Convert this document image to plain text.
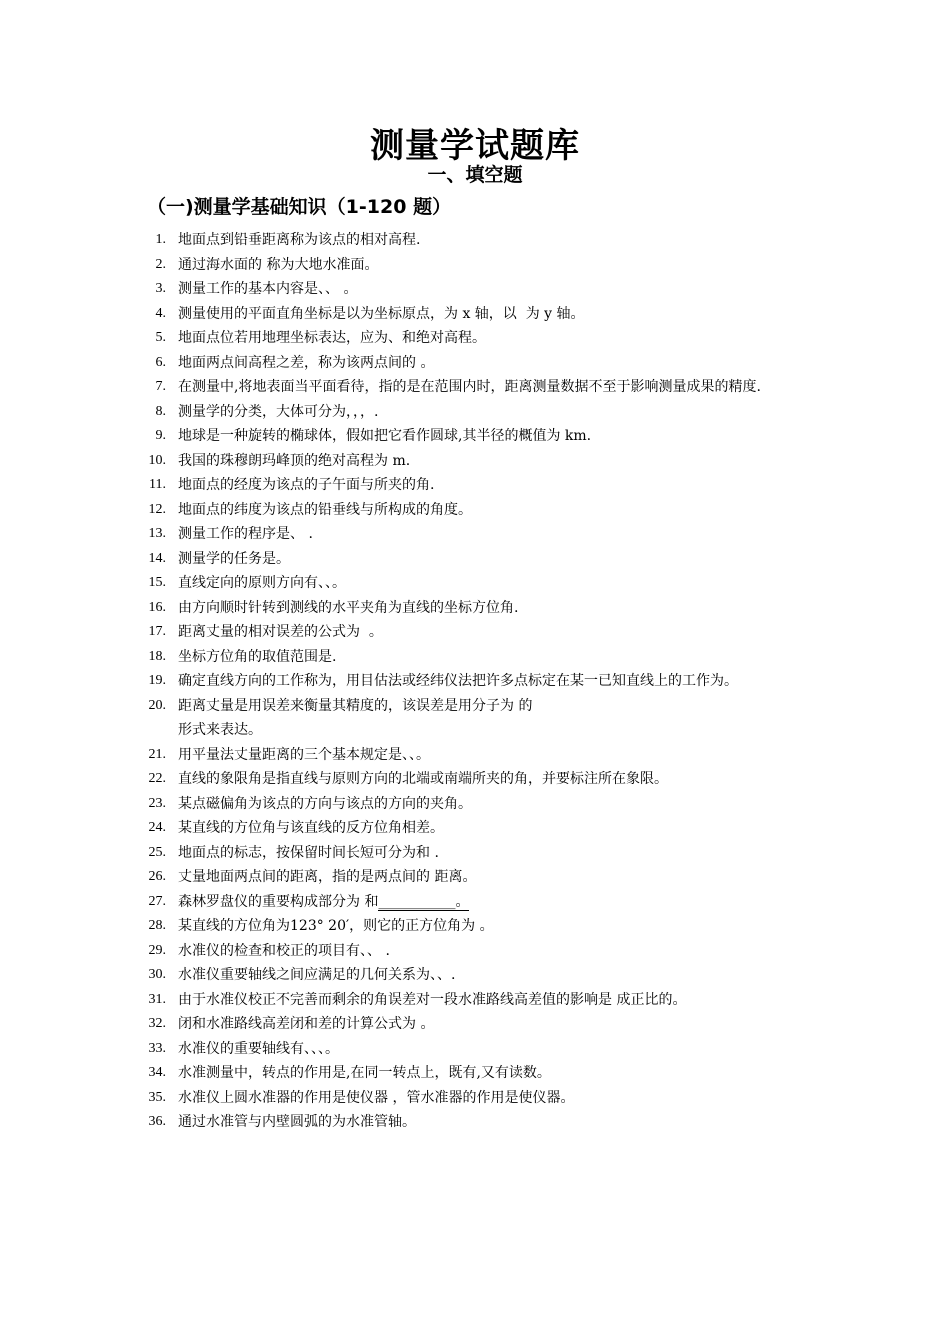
测量学试题库
一、填空题
（一)测量学基础知识（1-120 题）
1. 地面点到铅垂距离称为该点的相对高程.
2. 通过海水面的 称为大地水准面。
3. 测量工作的基本内容是、、 。
4. 测量使用的平面直角坐标是以为坐标原点，为 x 轴，以  为 y 轴。
5. 地面点位若用地理坐标表达，应为、和绝对高程。
6. 地面两点间高程之差，称为该两点间的 。
7. 在测量中,将地表面当平面看待，指的是在范围内时，距离测量数据不至于影响测量成果的精度.
8. 测量学的分类，大体可分为，，，.
9. 地球是一种旋转的椭球体，假如把它看作圆球,其半径的概值为 km.
10. 我国的珠穆朗玛峰顶的绝对高程为 m.
11. 地面点的经度为该点的子午面与所夹的角.
12. 地面点的纬度为该点的铅垂线与所构成的角度。
13. 测量工作的程序是、 .
14. 测量学的任务是。
15. 直线定向的原则方向有、、。
16. 由方向顺时针转到测线的水平夹角为直线的坐标方位角.
17. 距离丈量的相对误差的公式为  。
18. 坐标方位角的取值范围是.
19. 确定直线方向的工作称为，用目估法或经纬仪法把许多点标定在某一已知直线上的工作为。
20. 距离丈量是用误差来衡量其精度的，该误差是用分子为 的
形式来表达。
21. 用平量法丈量距离的三个基本规定是、、。
22. 直线的象限角是指直线与原则方向的北端或南端所夹的角，并要标注所在象限。
23. 某点磁偏角为该点的方向与该点的方向的夹角。
24. 某直线的方位角与该直线的反方位角相差。
25. 地面点的标志，按保留时间长短可分为和 .
26. 丈量地面两点间的距离，指的是两点间的 距离。
27. 森林罗盘仪的重要构成部分为 和___________。
28. 某直线的方位角为123° 20′，则它的正方位角为 。
29. 水准仪的检查和校正的项目有、、 .
30. 水准仪重要轴线之间应满足的几何关系为、、.
31. 由于水准仪校正不完善而剩余的角误差对一段水准路线高差值的影响是 成正比的。
32. 闭和水准路线高差闭和差的计算公式为 。
33. 水准仪的重要轴线有、、、。
34. 水准测量中，转点的作用是,在同一转点上，既有,又有读数。
35. 水准仪上圆水准器的作用是使仪器 ，管水准器的作用是使仪器。
36. 通过水准管与内壁圆弧的为水准管轴。
